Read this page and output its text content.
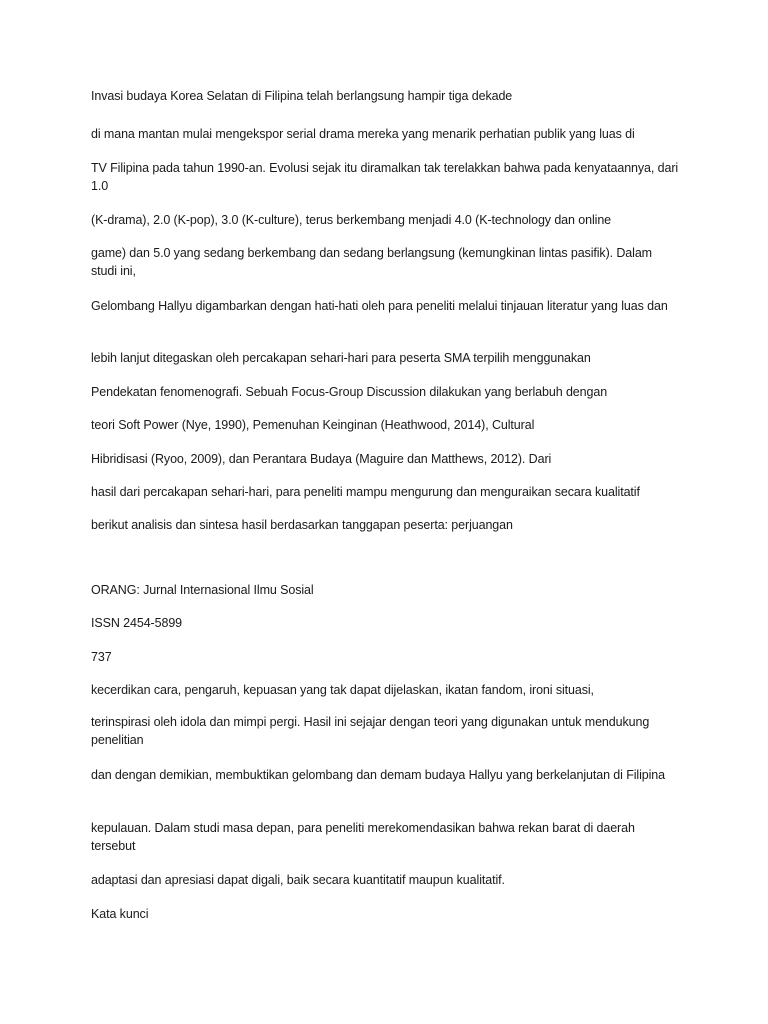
Invasi budaya Korea Selatan di Filipina telah berlangsung hampir tiga dekade

di mana mantan mulai mengekspor serial drama mereka yang menarik perhatian publik yang luas di

TV Filipina pada tahun 1990-an. Evolusi sejak itu diramalkan tak terelakkan bahwa pada kenyataannya, dari 1.0

(K-drama), 2.0 (K-pop), 3.0 (K-culture), terus berkembang menjadi 4.0 (K-technology dan online

game) dan 5.0 yang sedang berkembang dan sedang berlangsung (kemungkinan lintas pasifik). Dalam studi ini,

Gelombang Hallyu digambarkan dengan hati-hati oleh para peneliti melalui tinjauan literatur yang luas dan

lebih lanjut ditegaskan oleh percakapan sehari-hari para peserta SMA terpilih menggunakan

Pendekatan fenomenografi. Sebuah Focus-Group Discussion dilakukan yang berlabuh dengan

teori Soft Power (Nye, 1990), Pemenuhan Keinginan (Heathwood, 2014), Cultural

Hibridisasi (Ryoo, 2009), dan Perantara Budaya (Maguire dan Matthews, 2012). Dari

hasil dari percakapan sehari-hari, para peneliti mampu mengurung dan menguraikan secara kualitatif

berikut analisis dan sintesa hasil berdasarkan tanggapan peserta: perjuangan

ORANG: Jurnal Internasional Ilmu Sosial

ISSN 2454-5899

737

kecerdikan cara, pengaruh, kepuasan yang tak dapat dijelaskan, ikatan fandom, ironi situasi,

terinspirasi oleh idola dan mimpi pergi. Hasil ini sejajar dengan teori yang digunakan untuk mendukung penelitian

dan dengan demikian, membuktikan gelombang dan demam budaya Hallyu yang berkelanjutan di Filipina

kepulauan. Dalam studi masa depan, para peneliti merekomendasikan bahwa rekan barat di daerah tersebut

adaptasi dan apresiasi dapat digali, baik secara kuantitatif maupun kualitatif.

Kata kunci
